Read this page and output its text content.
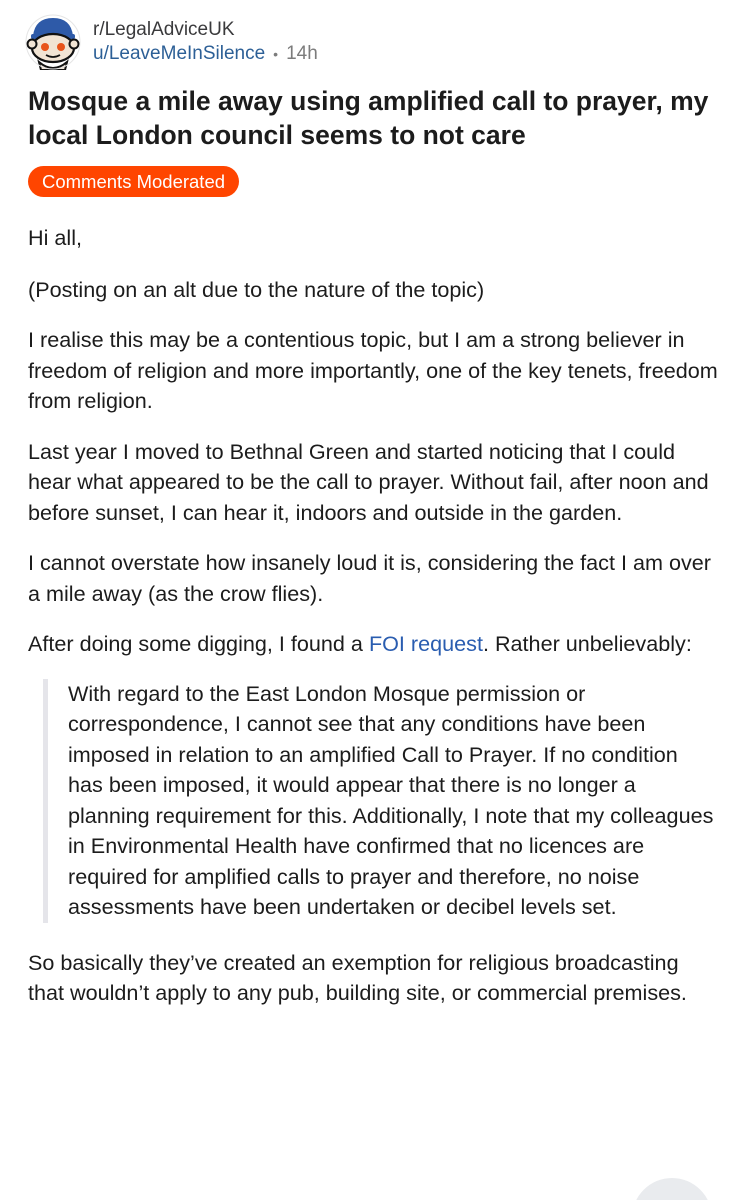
r/LegalAdviceUK
u/LeaveMeInSilence • 14h
Mosque a mile away using amplified call to prayer, my local London council seems to not care
Comments Moderated

Hi all,

(Posting on an alt due to the nature of the topic)

I realise this may be a contentious topic, but I am a strong believer in freedom of religion and more importantly, one of the key tenets, freedom from religion.

Last year I moved to Bethnal Green and started noticing that I could hear what appeared to be the call to prayer. Without fail, after noon and before sunset, I can hear it, indoors and outside in the garden.

I cannot overstate how insanely loud it is, considering the fact I am over a mile away (as the crow flies).

After doing some digging, I found a FOI request. Rather unbelievably:

With regard to the East London Mosque permission or correspondence, I cannot see that any conditions have been imposed in relation to an amplified Call to Prayer. If no condition has been imposed, it would appear that there is no longer a planning requirement for this. Additionally, I note that my colleagues in Environmental Health have confirmed that no licences are required for amplified calls to prayer and therefore, no noise assessments have been undertaken or decibel levels set.

So basically they’ve created an exemption for religious broadcasting that wouldn’t apply to any pub, building site, or commercial premises.
